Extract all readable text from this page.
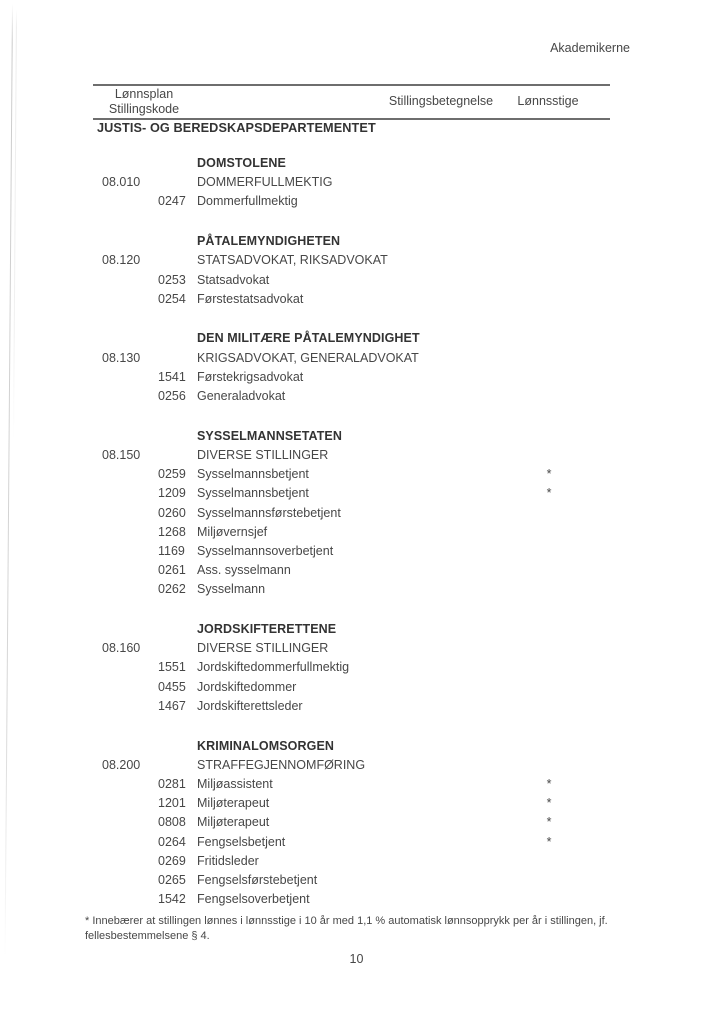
Akademikerne
Lønnsplan
Stillingskode
Stillingsbetegnelse	Lønnsstige
JUSTIS- OG BEREDSKAPSDEPARTEMENTET
DOMSTOLENE
08.010	DOMMERFULLMEKTIG
0247 Dommerfullmektig
PÅTALEMYNDIGHETEN
08.120	STATSADVOKAT, RIKSADVOKAT
0253 Statsadvokat
0254 Førstestatsadvokat
DEN MILITÆRE PÅTALEMYNDIGHET
08.130	KRIGSADVOKAT, GENERALADVOKAT
1541 Førstekrigsadvokat
0256 Generaladvokat
SYSSELMANNSETATEN
08.150	DIVERSE STILLINGER
0259 Sysselmannsbetjent	*
1209 Sysselmannsbetjent	*
0260 Sysselmannsførstebetjent
1268 Miljøvernsjef
1169 Sysselmannsoverbetjent
0261 Ass. sysselmann
0262 Sysselmann
JORDSKIFTERETTENE
08.160	DIVERSE STILLINGER
1551 Jordskiftedommerfullmektig
0455 Jordskiftedommer
1467 Jordskifterettsleder
KRIMINALOMSORGEN
08.200	STRAFFEGJENNOMFØRING
0281 Miljøassistent	*
1201 Miljøterapeut	*
0808 Miljøterapeut	*
0264 Fengselsbetjent	*
0269 Fritidsleder
0265 Fengselsførstebetjent
1542 Fengselsoverbetjent
* Innebærer at stillingen lønnes i lønnsstige i 10 år med 1,1 % automatisk lønnsopprykk per år i stillingen, jf.
fellesbestemmelsene § 4.
10
